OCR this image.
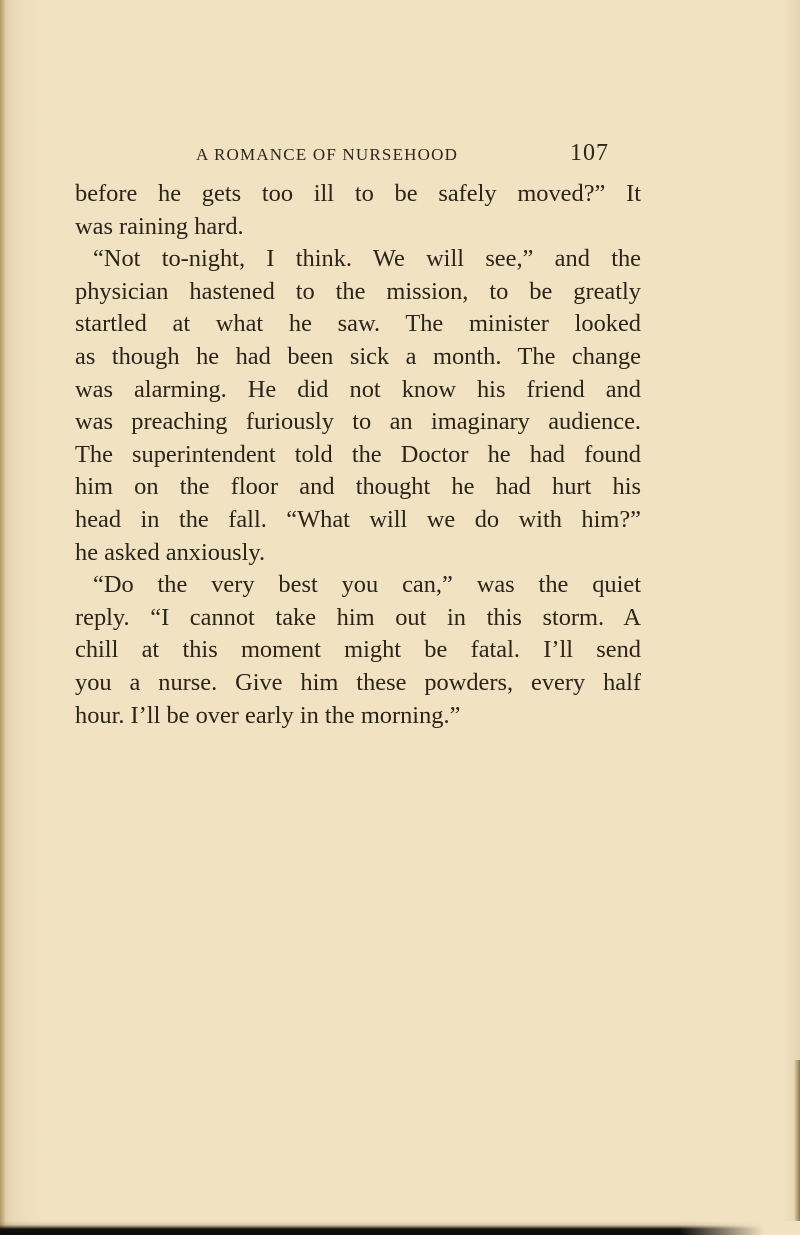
A ROMANCE OF NURSEHOOD	107
before he gets too ill to be safely moved?” It
was raining hard.
“Not to-night, I think. We will see,” and the
physician hastened to the mission, to be greatly
startled at what he saw. The minister looked
as though he had been sick a month. The change
was alarming. He did not know his friend and
was preaching furiously to an imaginary audience.
The superintendent told the Doctor he had found
him on the floor and thought he had hurt his
head in the fall. “What will we do with him?”
he asked anxiously.
“Do the very best you can,” was the quiet
reply. “I cannot take him out in this storm. A
chill at this moment might be fatal. I’ll send
you a nurse. Give him these powders, every half
hour. I’ll be over early in the morning.”
